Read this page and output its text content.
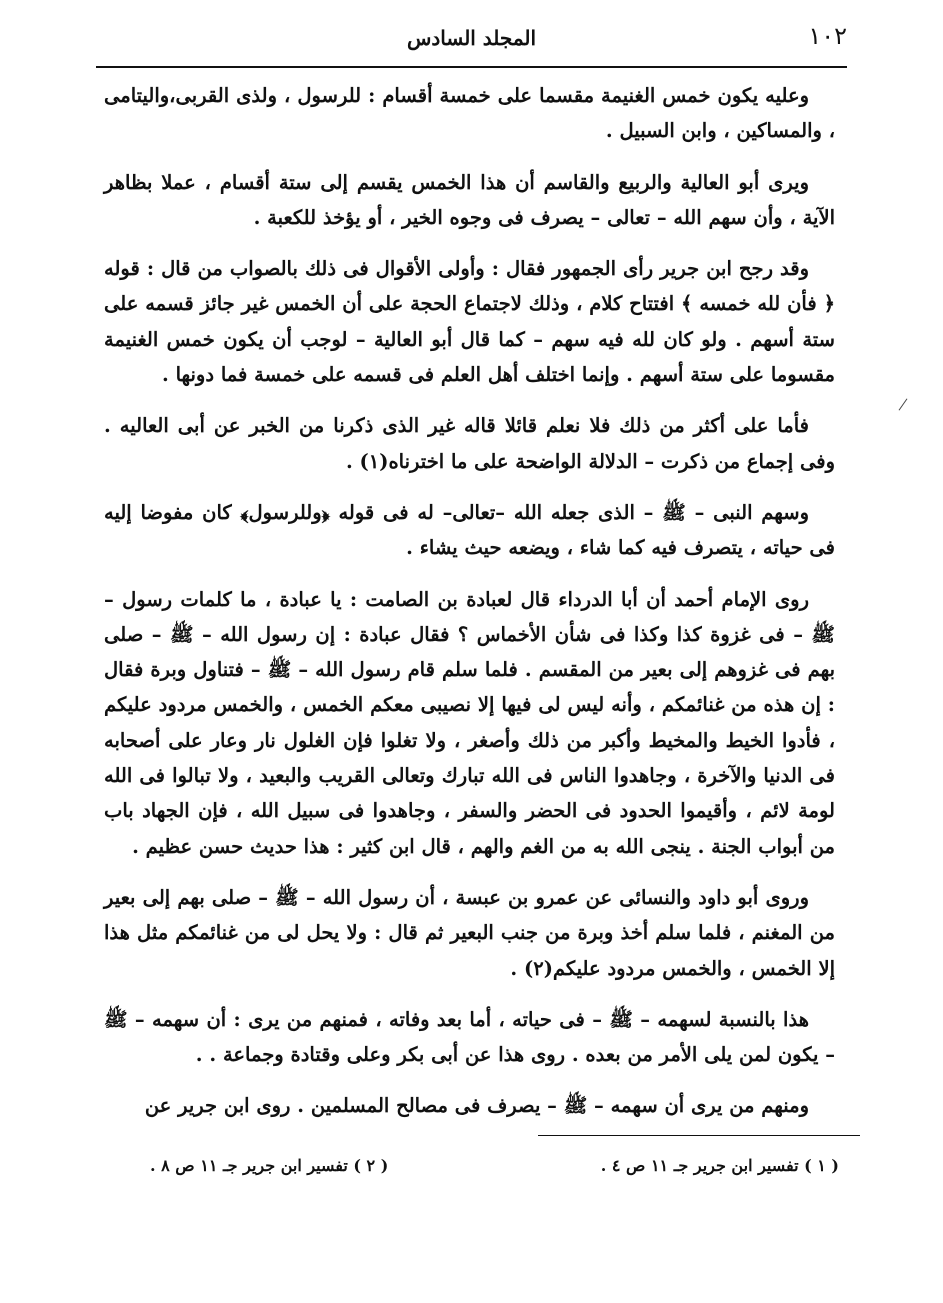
١٠٢
المجلد السادس

وعليه يكون خمس الغنيمة مقسما على خمسة أقسام : للرسول ، ولذى القربى،واليتامى ، والمساكين ، وابن السبيل .

ويرى أبو العالية والربيع والقاسم أن هذا الخمس يقسم إلى ستة أقسام ، عملا بظاهر الآية ، وأن سهم الله – تعالى – يصرف فى وجوه الخير ، أو يؤخذ للكعبة .

وقد رجح ابن جرير رأى الجمهور فقال : وأولى الأقوال فى ذلك بالصواب من قال : قوله ﴿ فأن لله خمسه ﴾ افتتاح كلام ، وذلك لاجتماع الحجة على أن الخمس غير جائز قسمه على ستة أسهم . ولو كان لله فيه سهم – كما قال أبو العالية – لوجب أن يكون خمس الغنيمة مقسوما على ستة أسهم . وإنما اختلف أهل العلم فى قسمه على خمسة فما دونها .

فأما على أكثر من ذلك فلا نعلم قائلا قاله غير الذى ذكرنا من الخبر عن أبى العاليه . وفى إجماع من ذكرت – الدلالة الواضحة على ما اخترناه(١) .

وسهم النبى – ﷺ – الذى جعله الله –تعالى– له فى قوله ﴿وللرسول﴾ كان مفوضا إليه فى حياته ، يتصرف فيه كما شاء ، ويضعه حيث يشاء .

روى الإمام أحمد أن أبا الدرداء قال لعبادة بن الصامت : يا عبادة ، ما كلمات رسول – ﷺ – فى غزوة كذا وكذا فى شأن الأخماس ؟ فقال عبادة : إن رسول الله – ﷺ – صلى بهم فى غزوهم إلى بعير من المقسم . فلما سلم قام رسول الله – ﷺ – فتناول وبرة فقال : إن هذه من غنائمكم ، وأنه ليس لى فيها إلا نصيبى معكم الخمس ، والخمس مردود عليكم ، فأدوا الخيط والمخيط وأكبر من ذلك وأصغر ، ولا تغلوا فإن الغلول نار وعار على أصحابه فى الدنيا والآخرة ، وجاهدوا الناس فى الله تبارك وتعالى القريب والبعيد ، ولا تبالوا فى الله لومة لائم ، وأقيموا الحدود فى الحضر والسفر ، وجاهدوا فى سبيل الله ، فإن الجهاد باب من أبواب الجنة . ينجى الله به من الغم والهم ، قال ابن كثير : هذا حديث حسن عظيم .

وروى أبو داود والنسائى عن عمرو بن عبسة ، أن رسول الله – ﷺ – صلى بهم إلى بعير من المغنم ، فلما سلم أخذ وبرة من جنب البعير ثم قال : ولا يحل لى من غنائمكم مثل هذا إلا الخمس ، والخمس مردود عليكم(٢) .

هذا بالنسبة لسهمه – ﷺ – فى حياته ، أما بعد وفاته ، فمنهم من يرى : أن سهمه – ﷺ – يكون لمن يلى الأمر من بعده . روى هذا عن أبى بكر وعلى وقتادة وجماعة . .

ومنهم من يرى أن سهمه – ﷺ – يصرف فى مصالح المسلمين . روى ابن جرير عن

( ١ ) تفسير ابن جرير جـ ١١ ص ٤ .
( ٢ ) تفسير ابن جرير جـ ١١ ص ٨ .
